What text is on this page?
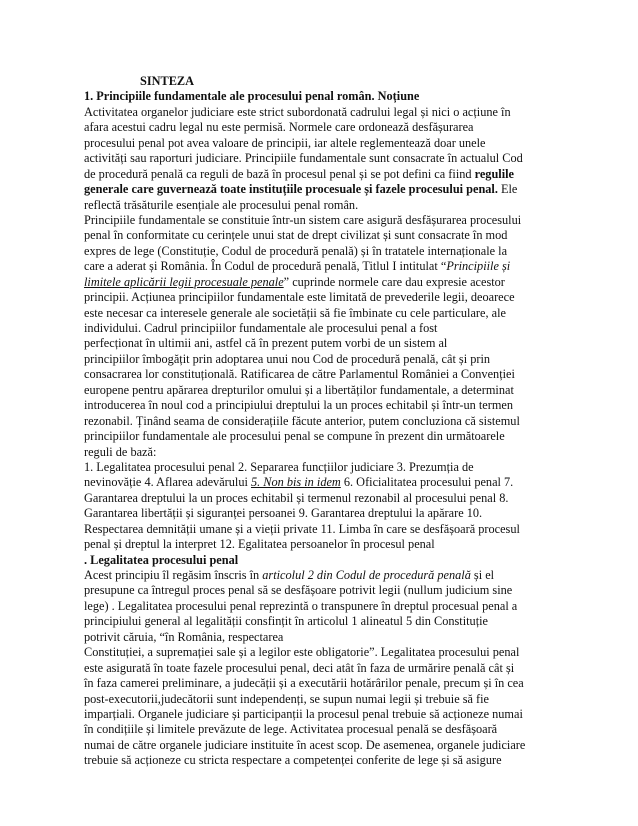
SINTEZA
1. Principiile fundamentale ale procesului penal român. Noțiune
Activitatea organelor judiciare este strict subordonată cadrului legal și nici o acțiune în
afara acestui cadru legal nu este permisă. Normele care ordonează desfășurarea
procesului penal pot avea valoare de principii, iar altele reglementează doar unele
activități sau raporturi judiciare. Principiile fundamentale sunt consacrate în actualul Cod
de procedură penală ca reguli de bază în procesul penal și se pot defini ca fiind regulile
generale care guvernează toate instituțiile procesuale și fazele procesului penal. Ele
reflectă trăsăturile esențiale ale procesului penal român.
Principiile fundamentale se constituie într-un sistem care asigură desfășurarea procesului
penal în conformitate cu cerințele unui stat de drept civilizat și sunt consacrate în mod
expres de lege (Constituție, Codul de procedură penală) și în tratatele internaționale la
care a aderat și România. În Codul de procedură penală, Titlul I intitulat “Principiile și
limitele aplicării legii procesuale penale” cuprinde normele care dau expresie acestor
principii. Acțiunea principiilor fundamentale este limitată de prevederile legii, deoarece
este necesar ca interesele generale ale societății să fie îmbinate cu cele particulare, ale
individului. Cadrul principiilor fundamentale ale procesului penal a fost
perfecționat în ultimii ani, astfel că în prezent putem vorbi de un sistem al
principiilor îmbogățit prin adoptarea unui nou Cod de procedură penală, cât și prin
consacrarea lor constituțională. Ratificarea de către Parlamentul României a Convenției
europene pentru apărarea drepturilor omului și a libertăților fundamentale, a determinat
introducerea în noul cod a principiului dreptului la un proces echitabil și într-un termen
rezonabil. Ținând seama de considerațiile făcute anterior, putem concluziona că sistemul
principiilor fundamentale ale procesului penal se compune în prezent din următoarele
reguli de bază:
1. Legalitatea procesului penal 2. Separarea funcțiilor judiciare 3. Prezumția de
nevinovăție 4. Aflarea adevărului 5. Non bis in idem 6. Oficialitatea procesului penal 7.
Garantarea dreptului la un proces echitabil și termenul rezonabil al procesului penal 8.
Garantarea libertății și siguranței persoanei 9. Garantarea dreptului la apărare 10.
Respectarea demnității umane și a vieții private 11. Limba în care se desfășoară procesul
penal și dreptul la interpret 12. Egalitatea persoanelor în procesul penal
. Legalitatea procesului penal
Acest principiu îl regăsim înscris în articolul 2 din Codul de procedură penală și el
presupune ca întregul proces penal să se desfășoare potrivit legii (nullum judicium sine
lege) . Legalitatea procesului penal reprezintă o transpunere în dreptul procesual penal a
principiului general al legalității consfințit în articolul 1 alineatul 5 din Constituție
potrivit căruia, “în România, respectarea
Constituției, a supremației sale și a legilor este obligatorie”. Legalitatea procesului penal
este asigurată în toate fazele procesului penal, deci atât în faza de urmărire penală cât și
în faza camerei preliminare, a judecății și a executării hotărârilor penale, precum și în cea
post-executorii,judecătorii sunt independenți, se supun numai legii și trebuie să fie
imparțiali. Organele judiciare și participanții la procesul penal trebuie să acționeze numai
în condițiile și limitele prevăzute de lege. Activitatea procesual penală se desfășoară
numai de către organele judiciare instituite în acest scop. De asemenea, organele judiciare
trebuie să acționeze cu stricta respectare a competenței conferite de lege și să asigure
